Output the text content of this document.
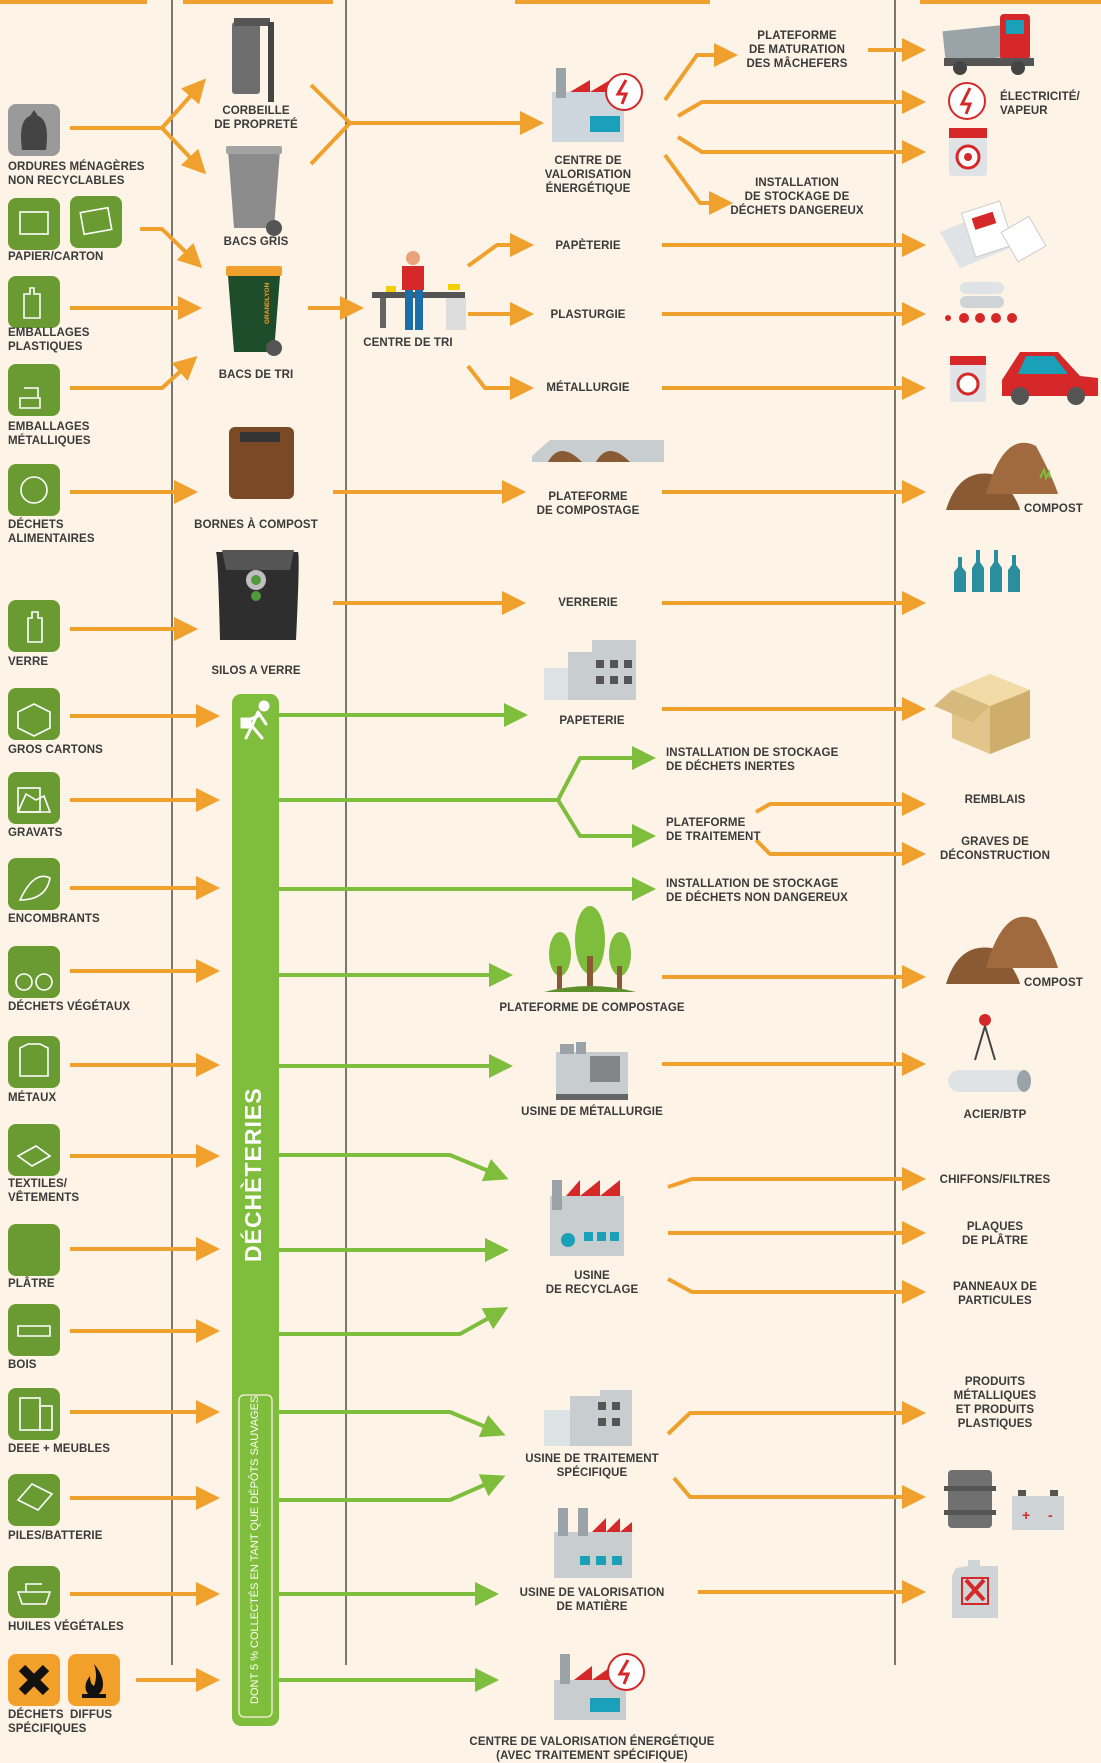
+ -
ORDURES MÉNAGÈRES
NON RECYCLABLES
PAPIER/CARTON
EMBALLAGES
PLASTIQUES
EMBALLAGES
MÉTALLIQUES
DÉCHETS
ALIMENTAIRES
VERRE
GROS CARTONS
GRAVATS
ENCOMBRANTS
DÉCHETS VÉGÉTAUX
MÉTAUX
TEXTILES/
VÊTEMENTS
PLÂTRE
BOIS
DEEE + MEUBLES
PILES/BATTERIE
HUILES VÉGÉTALES
DÉCHETS
SPÉCIFIQUES
DIFFUS
CORBEILLE
DE PROPRETÉ
BACS GRIS
BACS DE TRI
BORNES À COMPOST
SILOS A VERRE
CENTRE DE TRI
DÉCHÈTERIES
DONT 5 % COLLECTÉS EN TANT QUE DÉPÔTS SAUVAGES
GRANDLYON
PLATEFORME
DE MATURATION
DES MÂCHEFERS
CENTRE DE
VALORISATION
ÉNERGÉTIQUE	INSTALLATION
DE STOCKAGE DE
DÉCHETS DANGEREUX
PAPÈTERIE
PLASTURGIE
MÉTALLURGIE
PLATEFORME
DE COMPOSTAGE
VERRERIE
PAPETERIE
INSTALLATION DE STOCKAGE
DE DÉCHETS INERTES
PLATEFORME
DE TRAITEMENT
INSTALLATION DE STOCKAGE
DE DÉCHETS NON DANGEREUX
PLATEFORME DE COMPOSTAGE
USINE DE MÉTALLURGIE
USINE
DE RECYCLAGE
USINE DE TRAITEMENT
SPÉCIFIQUE
USINE DE VALORISATION
DE MATIÈRE
CENTRE DE VALORISATION ÉNERGÉTIQUE
(AVEC TRAITEMENT SPÉCIFIQUE)
ÉLECTRICITÉ/
VAPEUR
COMPOST
REMBLAIS
GRAVES DE
DÉCONSTRUCTION
COMPOST
ACIER/BTP
CHIFFONS/FILTRES
PLAQUES
DE PLÂTRE
PANNEAUX DE
PARTICULES
PRODUITS
MÉTALLIQUES
ET PRODUITS
PLASTIQUES
